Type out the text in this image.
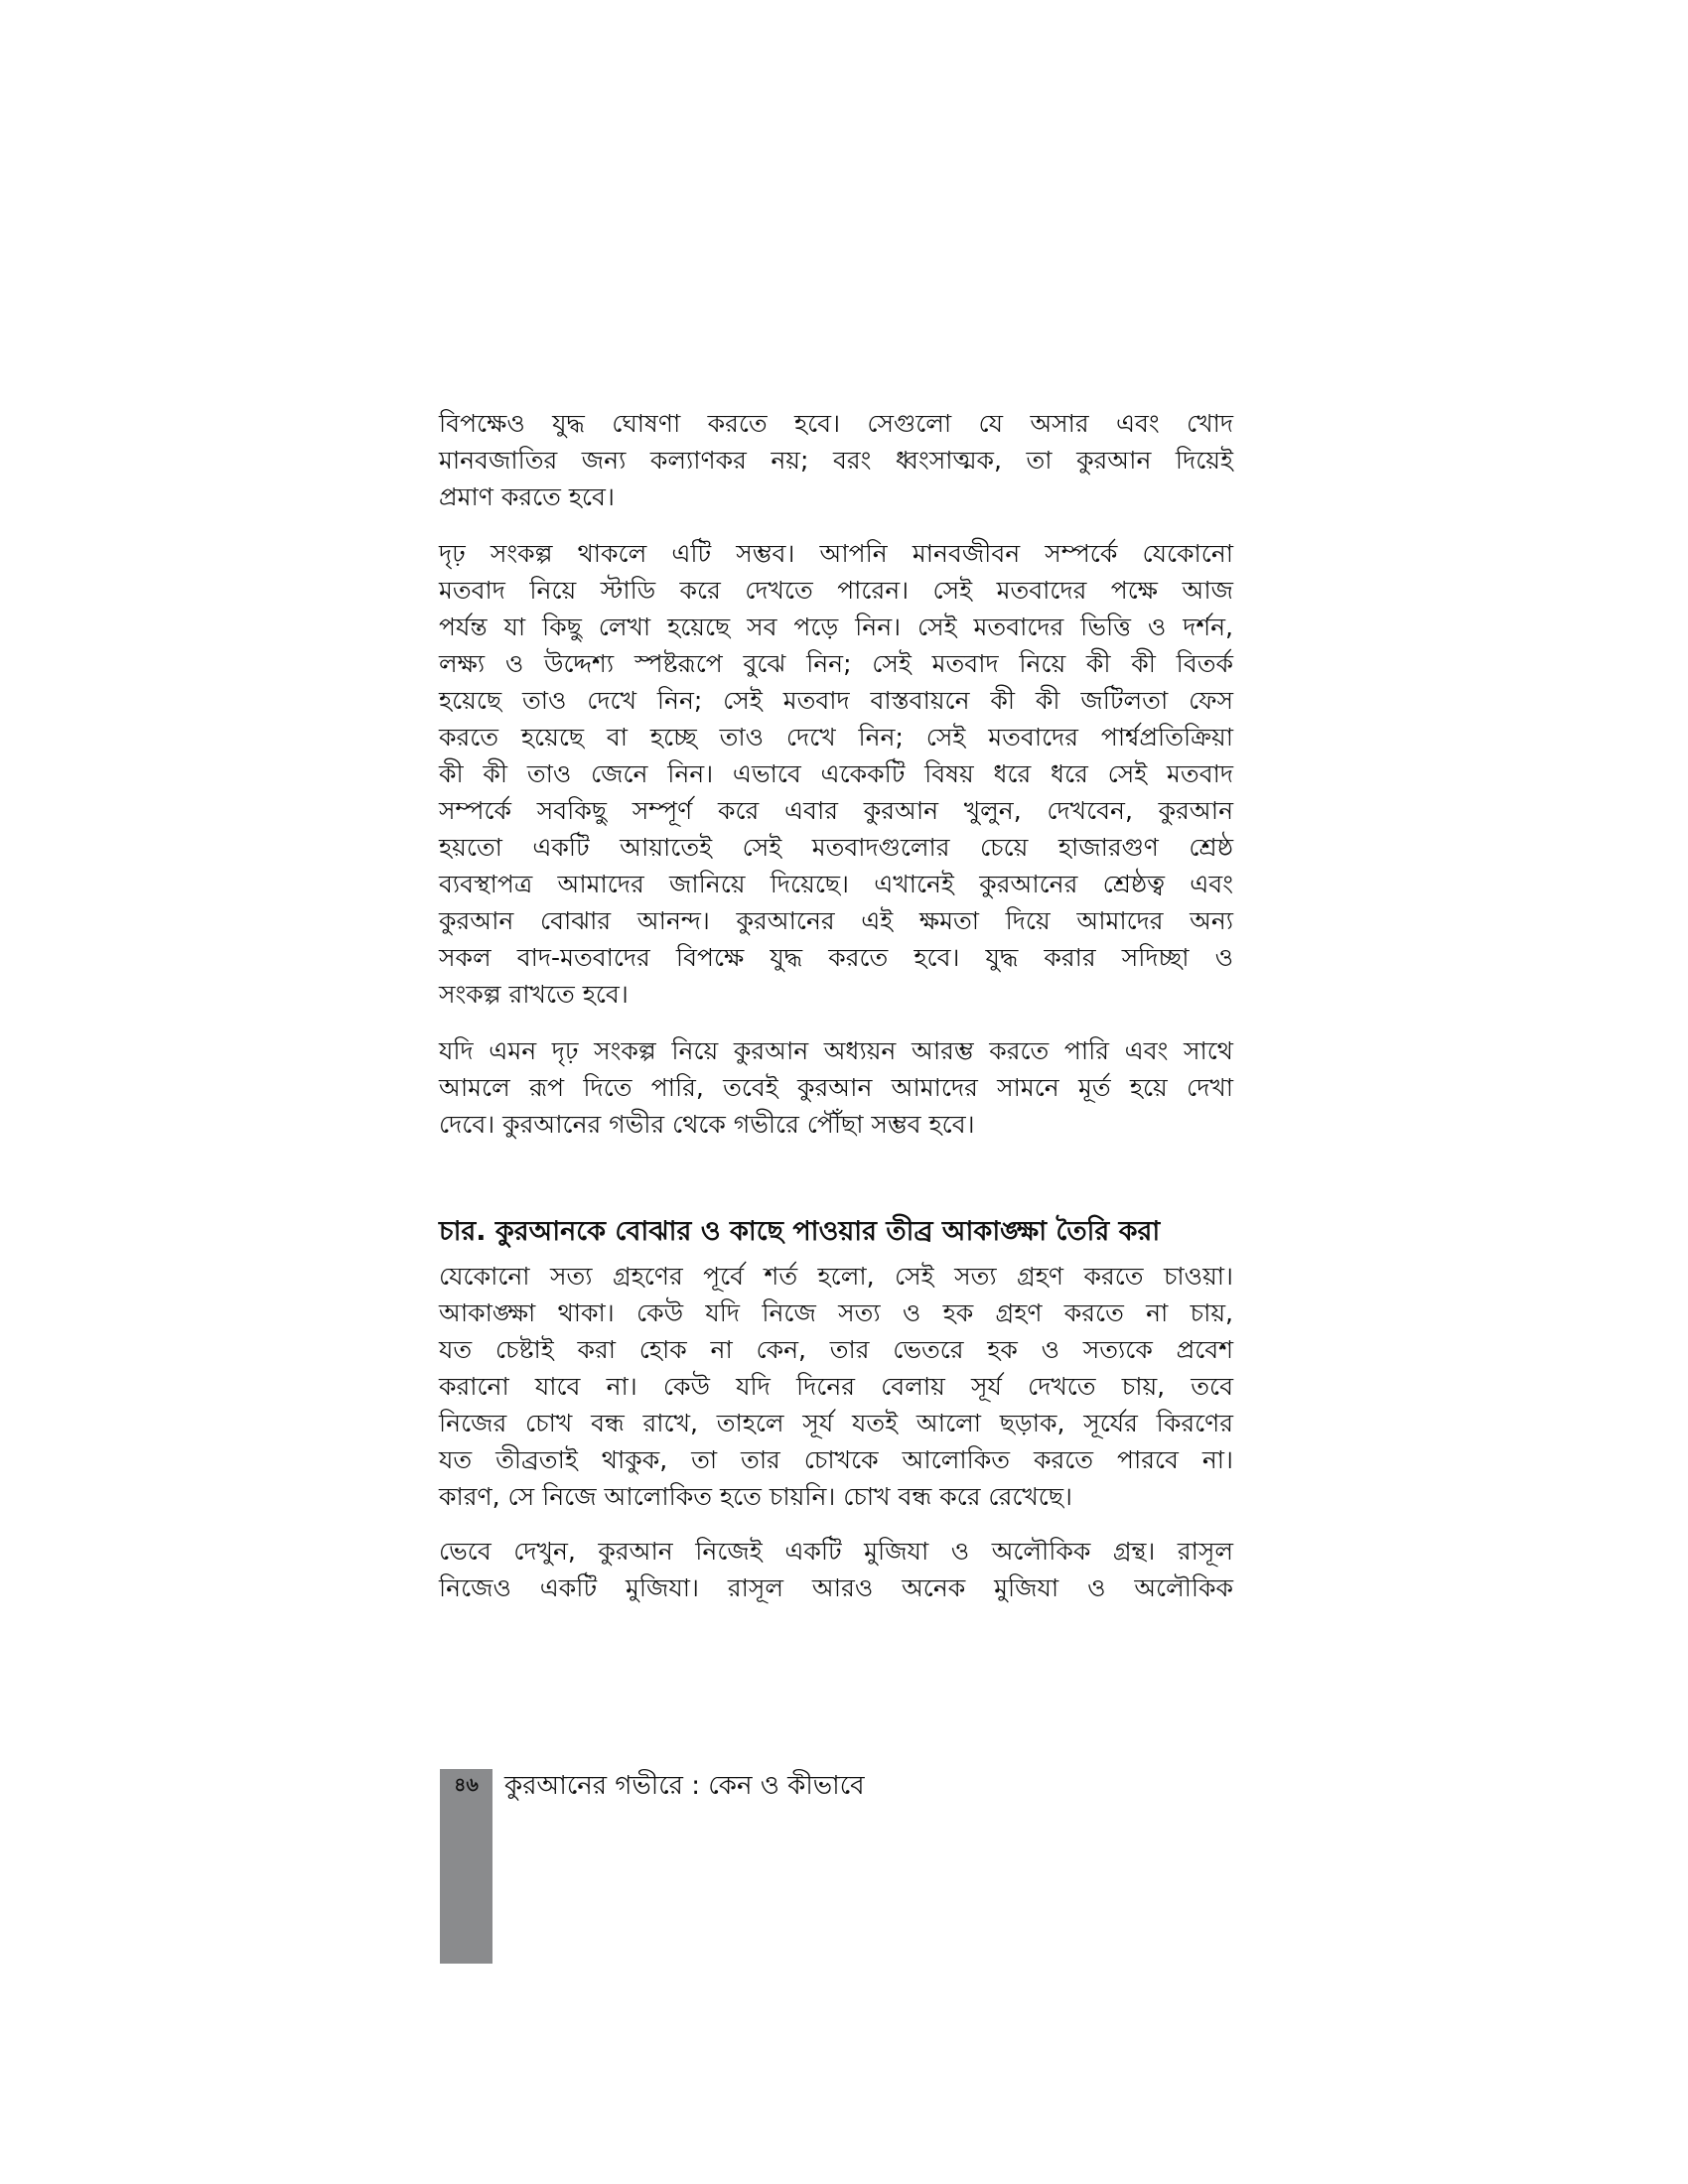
বিপক্ষেও যুদ্ধ ঘোষণা করতে হবে। সেগুলো যে অসার এবং খোদ
মানবজাতির জন্য কল্যাণকর নয়; বরং ধ্বংসাত্মক, তা কুরআন দিয়েই
প্রমাণ করতে হবে।

দৃঢ় সংকল্প থাকলে এটি সম্ভব। আপনি মানবজীবন সম্পর্কে যেকোনো
মতবাদ নিয়ে স্টাডি করে দেখতে পারেন। সেই মতবাদের পক্ষে আজ
পর্যন্ত যা কিছু লেখা হয়েছে সব পড়ে নিন। সেই মতবাদের ভিত্তি ও দর্শন,
লক্ষ্য ও উদ্দেশ্য স্পষ্টরূপে বুঝে নিন; সেই মতবাদ নিয়ে কী কী বিতর্ক
হয়েছে তাও দেখে নিন; সেই মতবাদ বাস্তবায়নে কী কী জটিলতা ফেস
করতে হয়েছে বা হচ্ছে তাও দেখে নিন; সেই মতবাদের পার্শ্বপ্রতিক্রিয়া
কী কী তাও জেনে নিন। এভাবে একেকটি বিষয় ধরে ধরে সেই মতবাদ
সম্পর্কে সবকিছু সম্পূর্ণ করে এবার কুরআন খুলুন, দেখবেন, কুরআন
হয়তো একটি আয়াতেই সেই মতবাদগুলোর চেয়ে হাজারগুণ শ্রেষ্ঠ
ব্যবস্থাপত্র আমাদের জানিয়ে দিয়েছে। এখানেই কুরআনের শ্রেষ্ঠত্ব এবং
কুরআন বোঝার আনন্দ। কুরআনের এই ক্ষমতা দিয়ে আমাদের অন্য
সকল বাদ-মতবাদের বিপক্ষে যুদ্ধ করতে হবে। যুদ্ধ করার সদিচ্ছা ও
সংকল্প রাখতে হবে।

যদি এমন দৃঢ় সংকল্প নিয়ে কুরআন অধ্যয়ন আরম্ভ করতে পারি এবং সাথে
আমলে রূপ দিতে পারি, তবেই কুরআন আমাদের সামনে মূর্ত হয়ে দেখা
দেবে। কুরআনের গভীর থেকে গভীরে পৌঁছা সম্ভব হবে।

চার. কুরআনকে বোঝার ও কাছে পাওয়ার তীব্র আকাঙ্ক্ষা তৈরি করা

যেকোনো সত্য গ্রহণের পূর্বে শর্ত হলো, সেই সত্য গ্রহণ করতে চাওয়া।
আকাঙ্ক্ষা থাকা। কেউ যদি নিজে সত্য ও হক গ্রহণ করতে না চায়,
যত চেষ্টাই করা হোক না কেন, তার ভেতরে হক ও সত্যকে প্রবেশ
করানো যাবে না। কেউ যদি দিনের বেলায় সূর্য দেখতে চায়, তবে
নিজের চোখ বন্ধ রাখে, তাহলে সূর্য যতই আলো ছড়াক, সূর্যের কিরণের
যত তীব্রতাই থাকুক, তা তার চোখকে আলোকিত করতে পারবে না।
কারণ, সে নিজে আলোকিত হতে চায়নি। চোখ বন্ধ করে রেখেছে।

ভেবে দেখুন, কুরআন নিজেই একটি মুজিযা ও অলৌকিক গ্রন্থ। রাসূল
নিজেও একটি মুজিযা। রাসূল আরও অনেক মুজিযা ও অলৌকিক

৪৬	কুরআনের গভীরে : কেন ও কীভাবে
